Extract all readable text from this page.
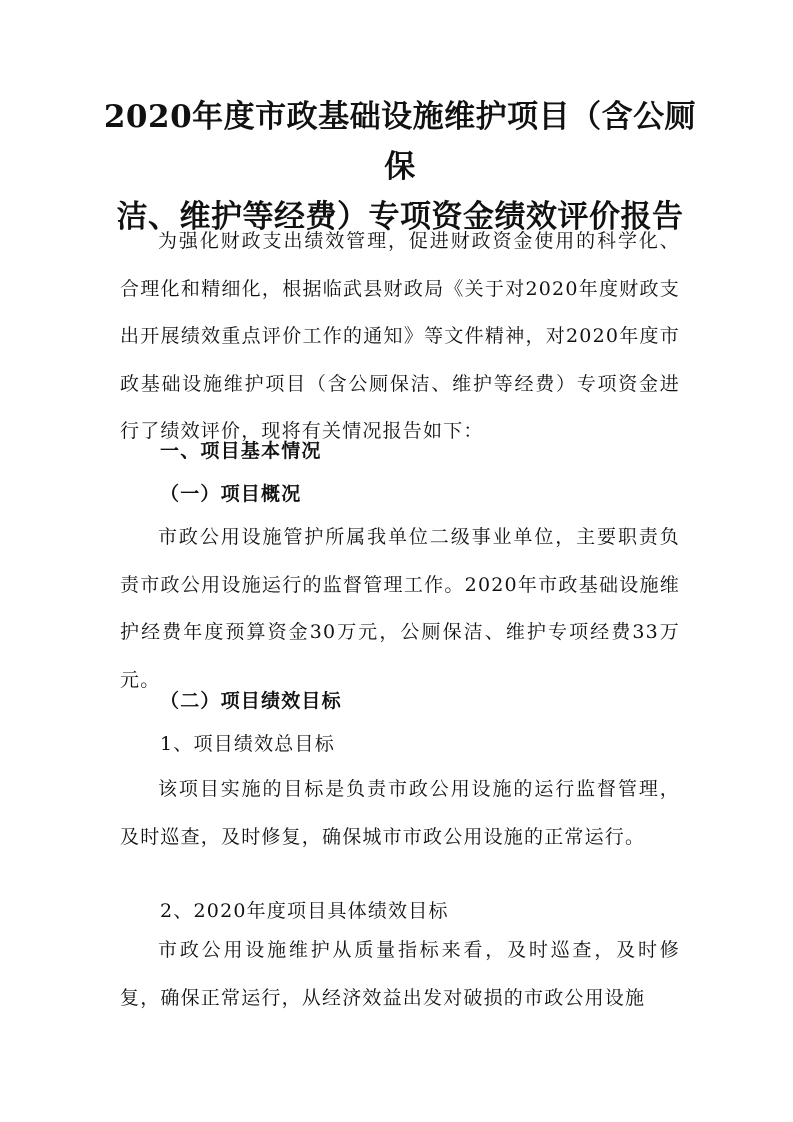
2020年度市政基础设施维护项目（含公厕保
洁、维护等经费）专项资金绩效评价报告
为强化财政支出绩效管理，促进财政资金使用的科学化、合理化和精细化，根据临武县财政局《关于对2020年度财政支出开展绩效重点评价工作的通知》等文件精神，对2020年度市政基础设施维护项目（含公厕保洁、维护等经费）专项资金进行了绩效评价，现将有关情况报告如下：
一、项目基本情况
（一）项目概况
市政公用设施管护所属我单位二级事业单位，主要职责负责市政公用设施运行的监督管理工作。2020年市政基础设施维护经费年度预算资金30万元，公厕保洁、维护专项经费33万元。
（二）项目绩效目标
1、项目绩效总目标
该项目实施的目标是负责市政公用设施的运行监督管理，及时巡查，及时修复，确保城市市政公用设施的正常运行。
2、2020年度项目具体绩效目标
市政公用设施维护从质量指标来看，及时巡查，及时修复，确保正常运行，从经济效益出发对破损的市政公用设施
